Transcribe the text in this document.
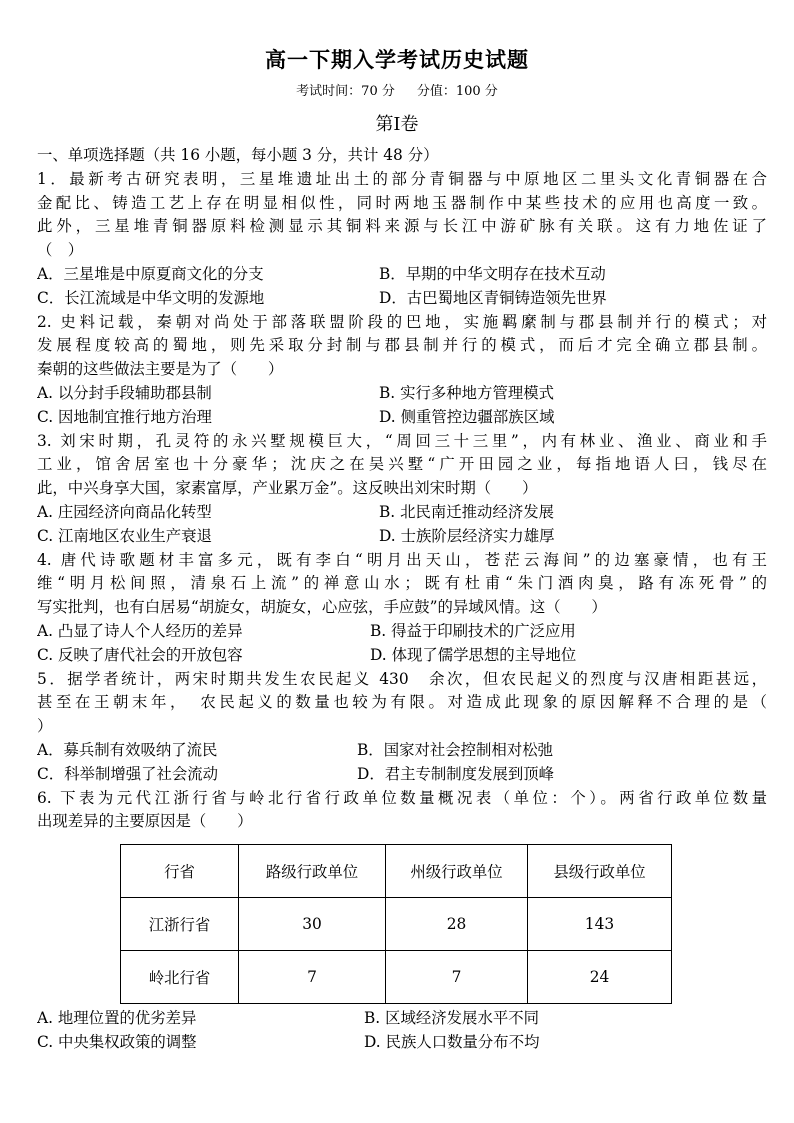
高一下期入学考试历史试题
考试时间：70 分 分值：100 分
第Ⅰ卷
一、单项选择题（共 16 小题，每小题 3 分，共计 48 分）
1．最新考古研究表明，三星堆遗址出土的部分青铜器与中原地区二里头文化青铜器在合
金配比、铸造工艺上存在明显相似性，同时两地玉器制作中某些技术的应用也高度一致。
此外，三星堆青铜器原料检测显示其铜料来源与长江中游矿脉有关联。这有力地佐证了
（　）
A．三星堆是中原夏商文化的分支	B．早期的中华文明存在技术互动
C．长江流域是中华文明的发源地	D．古巴蜀地区青铜铸造领先世界
2. 史料记载，秦朝对尚处于部落联盟阶段的巴地，实施羁縻制与郡县制并行的模式；对
发展程度较高的蜀地，则先采取分封制与郡县制并行的模式，而后才完全确立郡县制。
秦朝的这些做法主要是为了（　　）
A. 以分封手段辅助郡县制	B. 实行多种地方管理模式
C. 因地制宜推行地方治理	D. 侧重管控边疆部族区域
3. 刘宋时期，孔灵符的永兴墅规模巨大，“周回三十三里”，内有林业、渔业、商业和手
工业，馆舍居室也十分豪华；沈庆之在吴兴墅“广开田园之业，每指地语人曰，钱尽在
此，中兴身享大国，家素富厚，产业累万金”。这反映出刘宋时期（　　）
A. 庄园经济向商品化转型	B. 北民南迁推动经济发展
C. 江南地区农业生产衰退	D. 士族阶层经济实力雄厚
4. 唐代诗歌题材丰富多元，既有李白“明月出天山，苍茫云海间”的边塞豪情，也有王
维“明月松间照，清泉石上流”的禅意山水；既有杜甫“朱门酒肉臭，路有冻死骨”的
写实批判，也有白居易“胡旋女，胡旋女，心应弦，手应鼓”的异域风情。这（　　）
A. 凸显了诗人个人经历的差异	B. 得益于印刷技术的广泛应用
C. 反映了唐代社会的开放包容	D. 体现了儒学思想的主导地位
5．据学者统计，两宋时期共发生农民起义 430　余次，但农民起义的烈度与汉唐相距甚远，
甚至在王朝末年，　农民起义的数量也较为有限。对造成此现象的原因解释不合理的是（
）
A．募兵制有效吸纳了流民	B．国家对社会控制相对松弛
C．科举制增强了社会流动	D．君主专制制度发展到顶峰
6. 下表为元代江浙行省与岭北行省行政单位数量概况表（单位：个）。两省行政单位数量
出现差异的主要原因是（　　）
行省	路级行政单位	州级行政单位	县级行政单位
江浙行省	30	28	143
岭北行省	7	7	24
A. 地理位置的优劣差异	B. 区域经济发展水平不同
C. 中央集权政策的调整	D. 民族人口数量分布不均
